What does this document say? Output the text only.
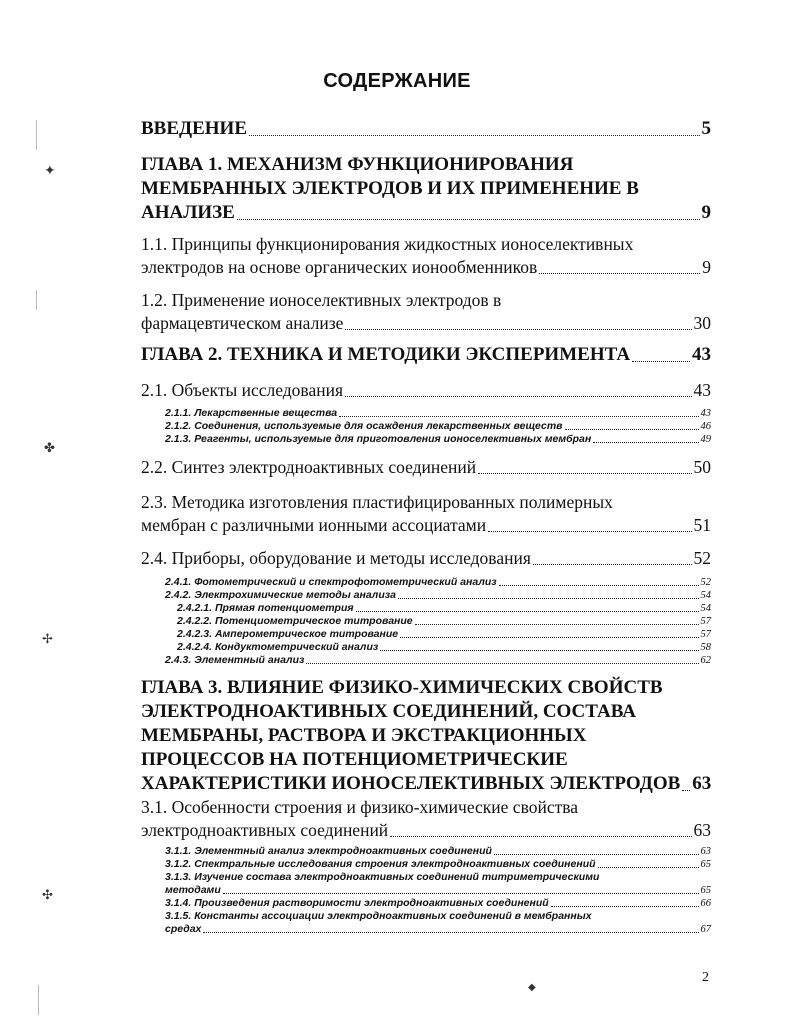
СОДЕРЖАНИЕ
ВВЕДЕНИЕ	5
ГЛАВА 1. МЕХАНИЗМ ФУНКЦИОНИРОВАНИЯ
МЕМБРАННЫХ ЭЛЕКТРОДОВ И ИХ ПРИМЕНЕНИЕ В
АНАЛИЗЕ	9
1.1. Принципы функционирования жидкостных ионоселективных
электродов на основе органических ионообменников	9
1.2. Применение ионоселективных электродов в
фармацевтическом анализе	30
ГЛАВА 2. ТЕХНИКА И МЕТОДИКИ ЭКСПЕРИМЕНТА	43
2.1. Объекты исследования	43
2.1.1. Лекарственные вещества	43
2.1.2. Соединения, используемые для осаждения лекарственных веществ	46
2.1.3. Реагенты, используемые для приготовления ионоселективных мембран	49
2.2. Синтез электродноактивных соединений	50
2.3. Методика изготовления пластифицированных полимерных
мембран с различными ионными ассоциатами	51
2.4. Приборы, оборудование и методы исследования	52
2.4.1. Фотометрический и спектрофотометрический анализ	52
2.4.2. Электрохимические методы анализа	54
2.4.2.1. Прямая потенциометрия	54
2.4.2.2. Потенциометрическое титрование	57
2.4.2.3. Амперометрическое титрование	57
2.4.2.4. Кондуктометрический анализ	58
2.4.3. Элементный анализ	62
ГЛАВА 3. ВЛИЯНИЕ ФИЗИКО-ХИМИЧЕСКИХ СВОЙСТВ
ЭЛЕКТРОДНОАКТИВНЫХ СОЕДИНЕНИЙ, СОСТАВА
МЕМБРАНЫ, РАСТВОРА И ЭКСТРАКЦИОННЫХ
ПРОЦЕССОВ НА ПОТЕНЦИОМЕТРИЧЕСКИЕ
ХАРАКТЕРИСТИКИ ИОНОСЕЛЕКТИВНЫХ ЭЛЕКТРОДОВ 63
3.1. Особенности строения и физико-химические свойства
электродноактивных соединений	63
3.1.1. Элементный анализ электродноактивных соединений	63
3.1.2. Спектральные исследования строения электродноактивных соединений	65
3.1.3. Изучение состава электродноактивных соединений титриметрическими
методами	65
3.1.4. Произведения растворимости электродноактивных соединений	66
3.1.5. Константы ассоциации электродноактивных соединений в мембранных
средах	67
2
✦
✤
✢
✣
◆
